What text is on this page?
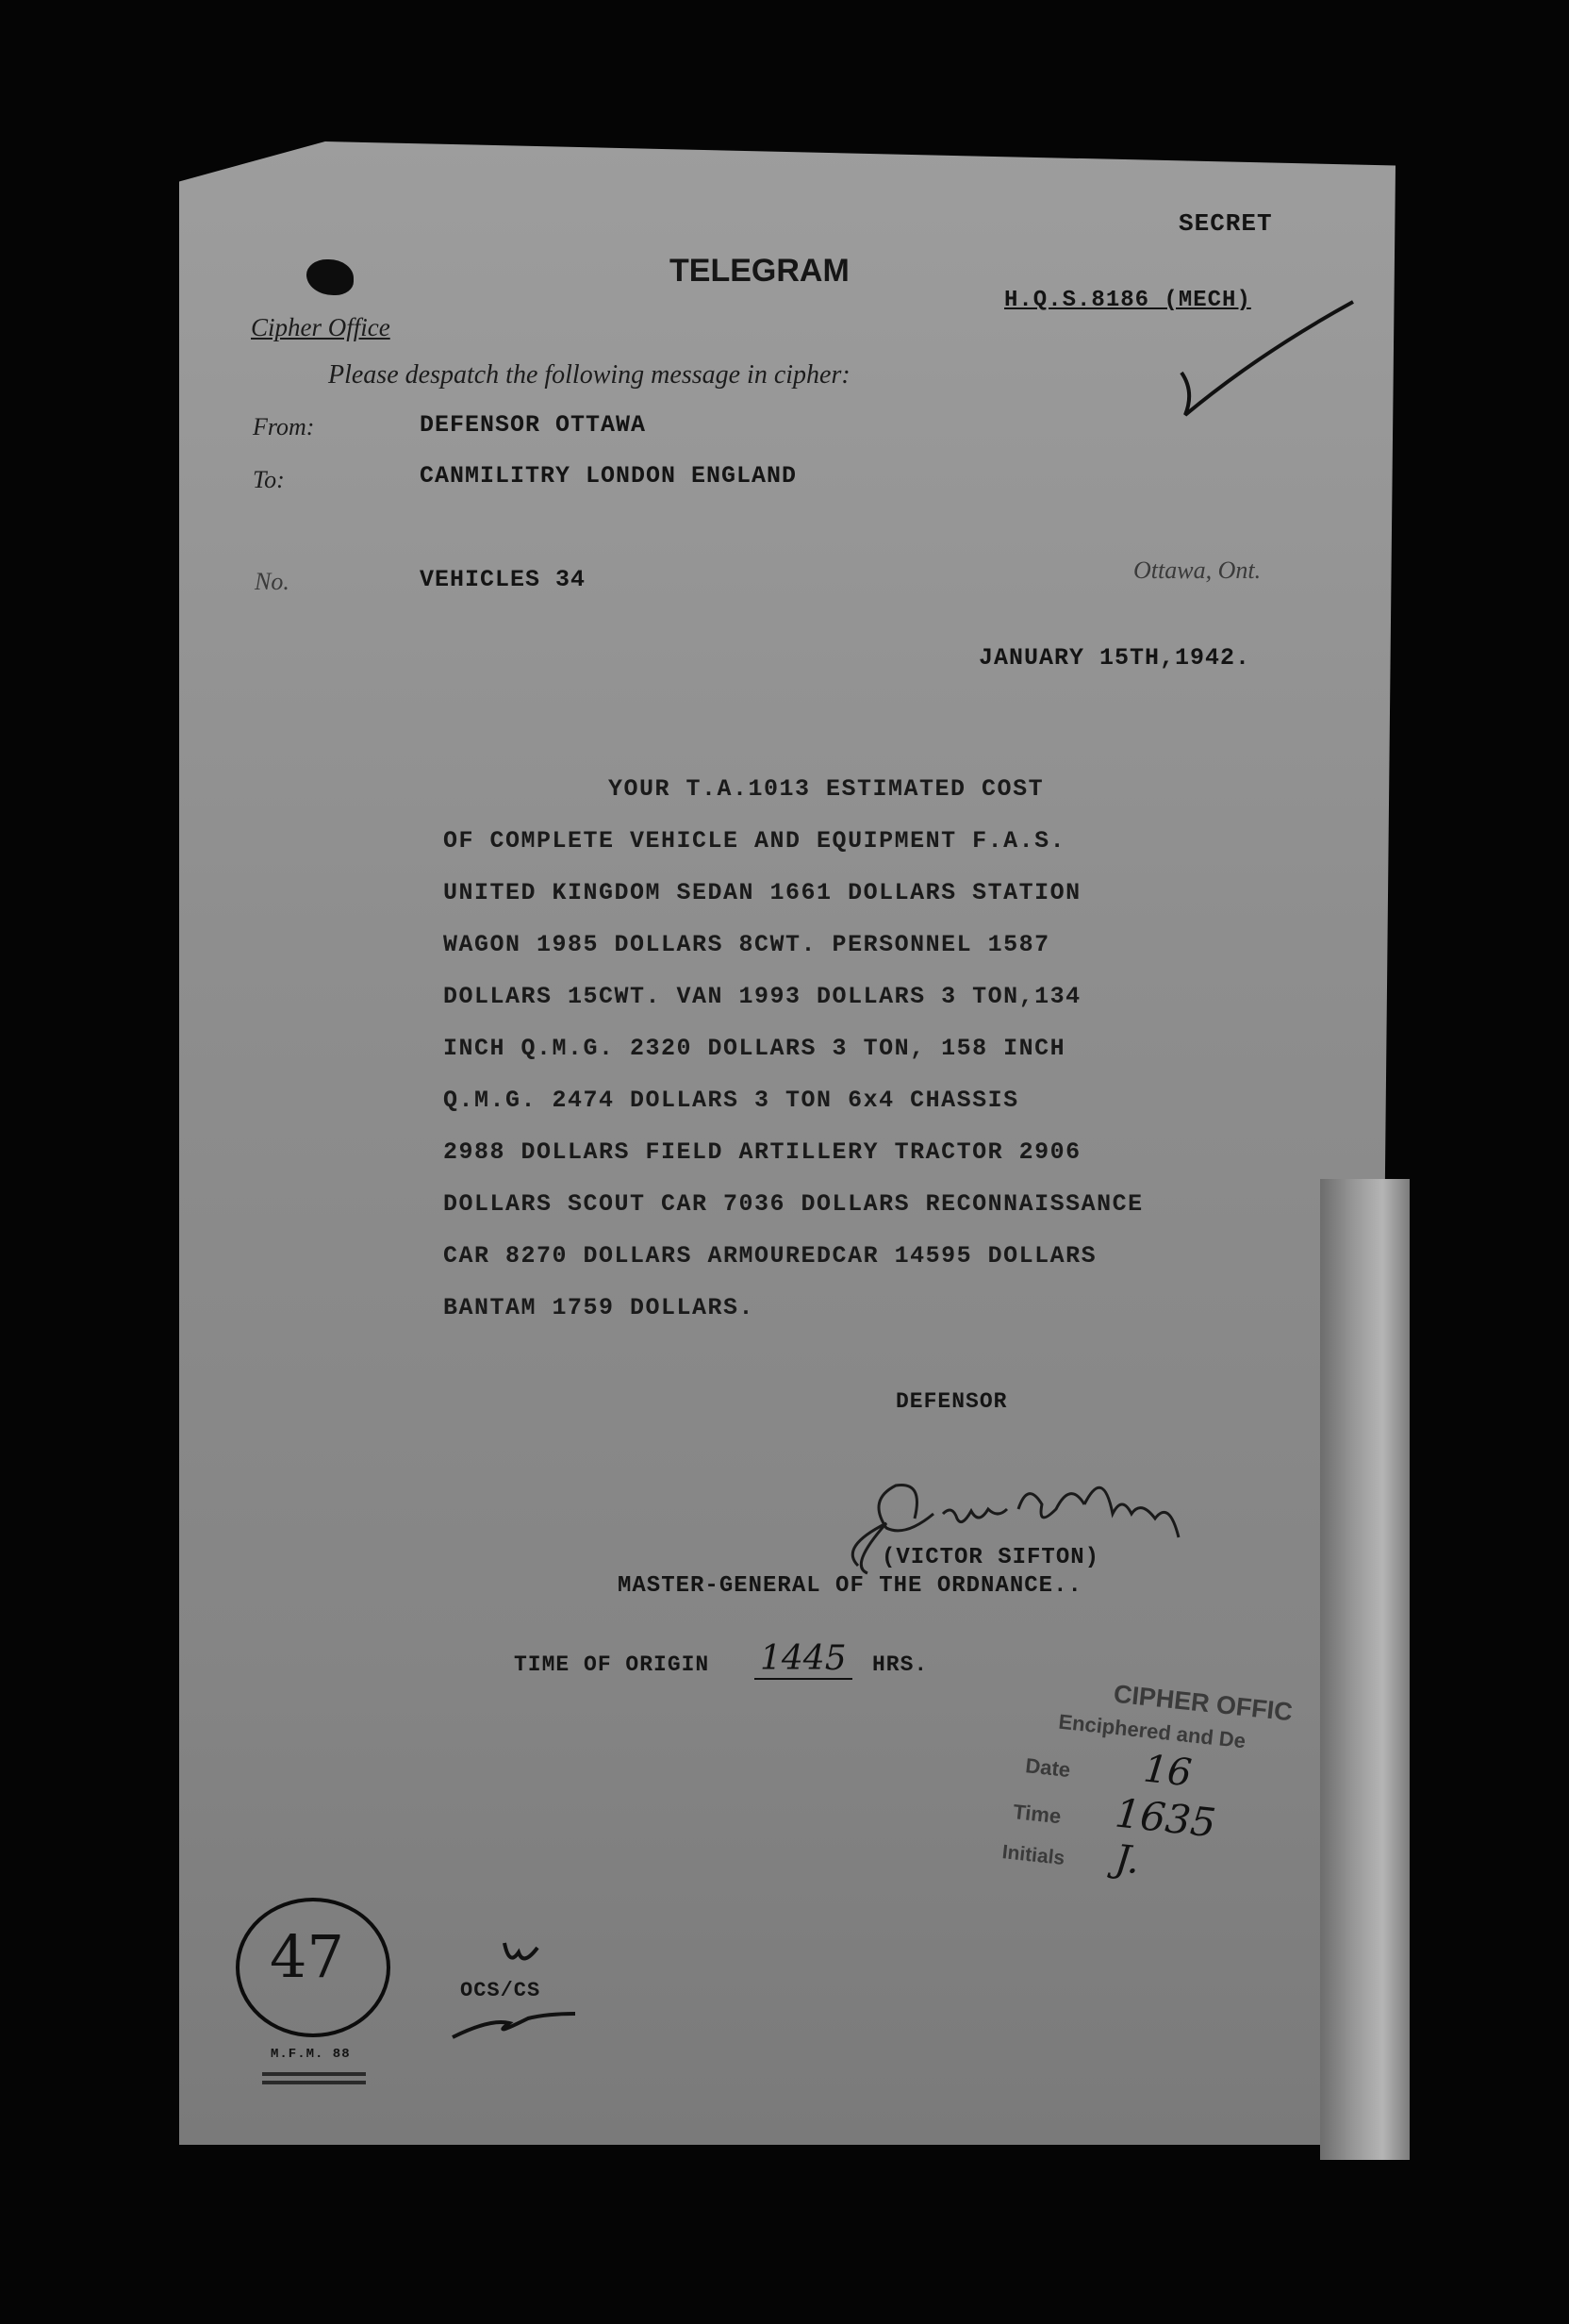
SECRET
TELEGRAM
Cipher Office
H.Q.S.8186 (MECH)
Please despatch the following message in cipher:
From:	DEFENSOR OTTAWA
To:	CANMILITRY LONDON ENGLAND
No.	VEHICLES 34	Ottawa, Ont.
JANUARY 15TH,1942.
YOUR T.A.1013 ESTIMATED COST
OF COMPLETE VEHICLE AND EQUIPMENT F.A.S.
UNITED KINGDOM SEDAN 1661 DOLLARS STATION
WAGON 1985 DOLLARS 8CWT. PERSONNEL 1587
DOLLARS 15CWT. VAN 1993 DOLLARS 3 TON,134
INCH Q.M.G. 2320 DOLLARS 3 TON, 158 INCH
Q.M.G. 2474 DOLLARS 3 TON 6x4 CHASSIS
2988 DOLLARS FIELD ARTILLERY TRACTOR 2906
DOLLARS SCOUT CAR 7036 DOLLARS RECONNAISSANCE
CAR 8270 DOLLARS ARMOUREDCAR 14595 DOLLARS
BANTAM 1759 DOLLARS.
DEFENSOR
(VICTOR SIFTON)
MASTER-GENERAL OF THE ORDNANCE..
TIME OF ORIGIN 1445 HRS.
CIPHER OFFIC
Enciphered and De
Date 16
Time 1635
Initials J.
47	OCS/CS
M.F.M. 88
